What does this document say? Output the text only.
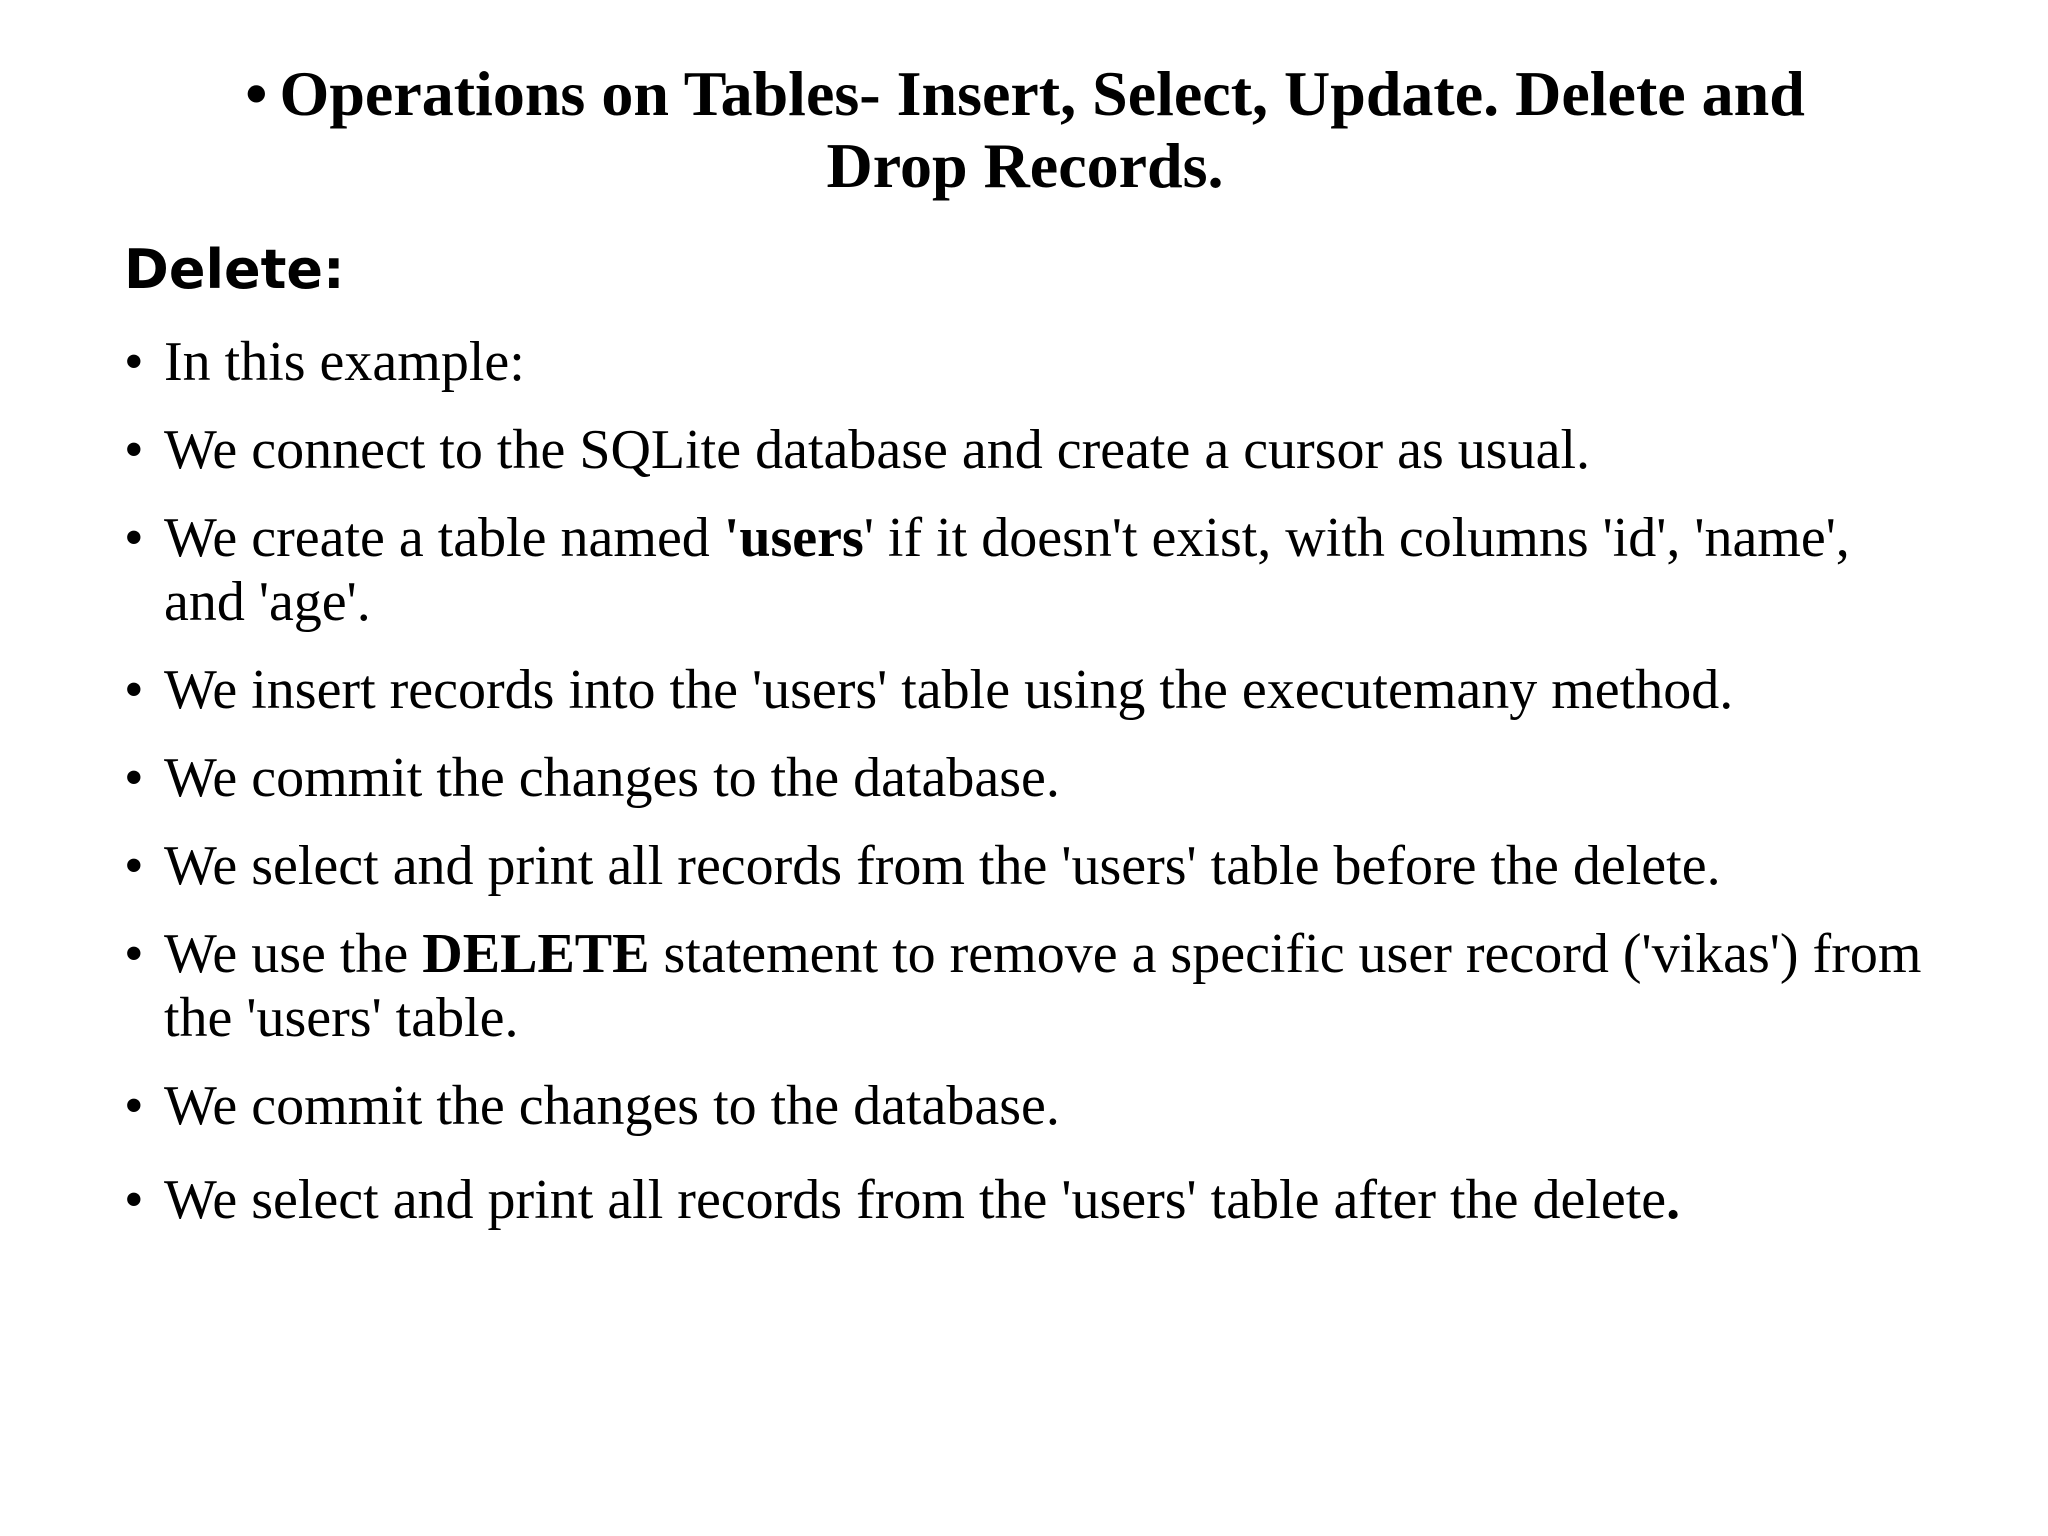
• Operations on Tables- Insert, Select, Update. Delete and
Drop Records.
Delete:
• In this example:
• We connect to the SQLite database and create a cursor as usual.
• We create a table named 'users' if it doesn't exist, with columns 'id', 'name', and 'age'.
• We insert records into the 'users' table using the executemany method.
• We commit the changes to the database.
• We select and print all records from the 'users' table before the delete.
• We use the DELETE statement to remove a specific user record ('vikas') from the 'users' table.
• We commit the changes to the database.
• We select and print all records from the 'users' table after the delete.
